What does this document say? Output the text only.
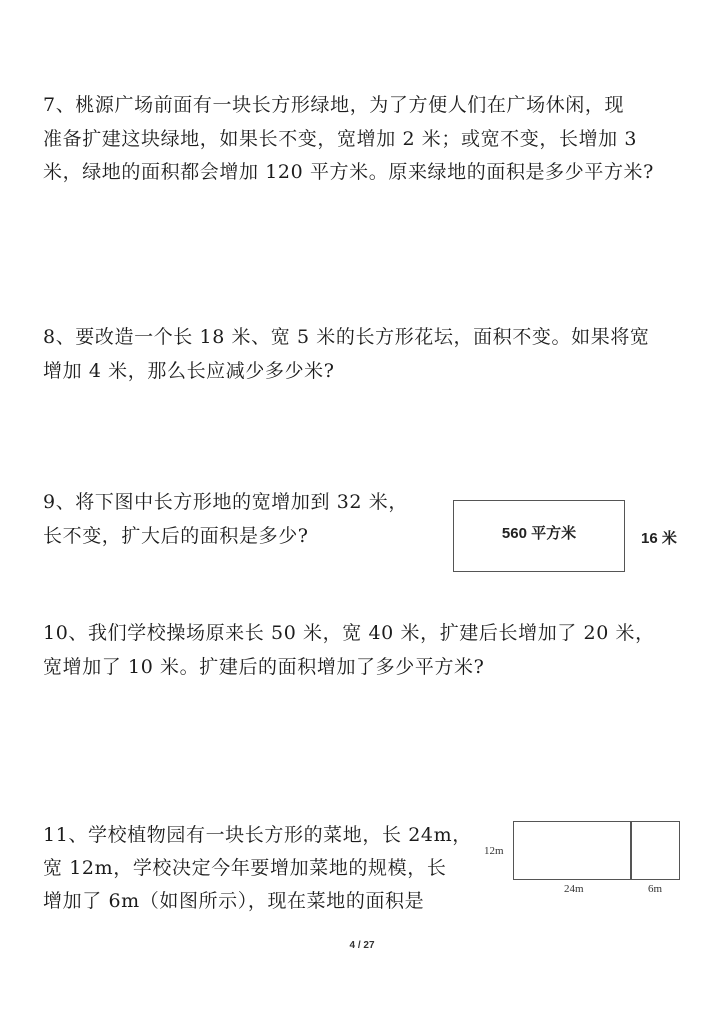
7、桃源广场前面有一块长方形绿地，为了方便人们在广场休闲，现
准备扩建这块绿地，如果长不变，宽增加 2 米；或宽不变，长增加 3
米，绿地的面积都会增加 120 平方米。原来绿地的面积是多少平方米?
8、要改造一个长 18 米、宽 5 米的长方形花坛，面积不变。如果将宽
增加 4 米，那么长应减少多少米?
9、将下图中长方形地的宽增加到 32 米，
长不变，扩大后的面积是多少?	560 平方米	16 米
10、我们学校操场原来长 50 米，宽 40 米，扩建后长增加了 20 米，
宽增加了 10 米。扩建后的面积增加了多少平方米?
11、学校植物园有一块长方形的菜地，长 24m，
宽 12m，学校决定今年要增加菜地的规模，长
增加了 6m（如图所示），现在菜地的面积是
12m
24m	6m
4 / 27
